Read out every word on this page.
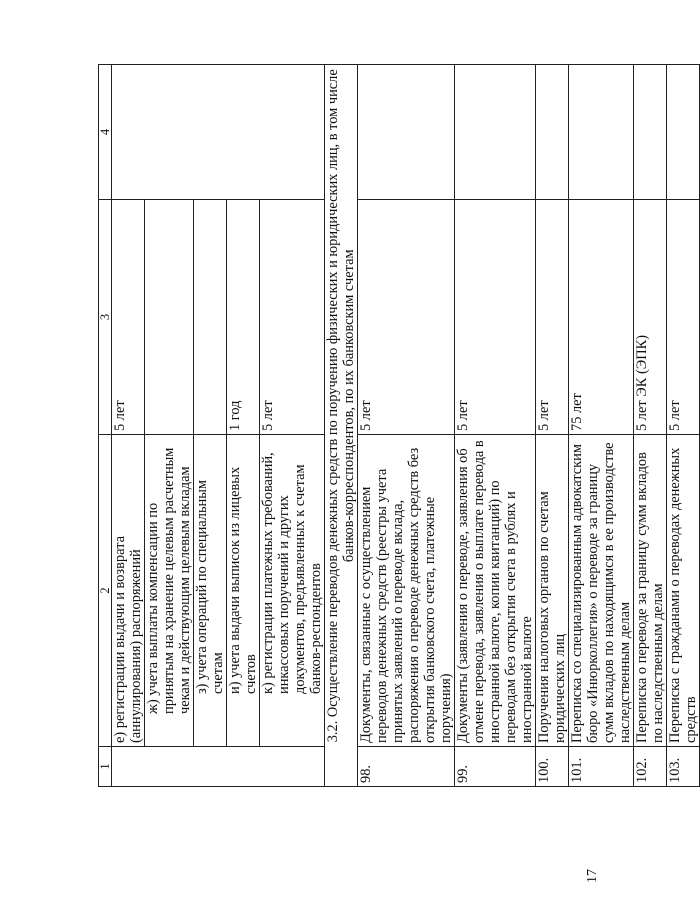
1	2	3	4
	е) регистрации выдачи и возврата (аннулирования) распоряжений	5 лет	
	ж) учета выплаты компенсации по принятым на хранение целевым расчетным чекам и действующим целевым вкладам		
	з) учета операций по специальным счетам		
	и) учета выдачи выписок из лицевых счетов	1 год	
	к) регистрации платежных требований, инкассовых поручений и других документов, предъявленных к счетам банков-респондентов	5 лет	
	3.2. Осуществление переводов денежных средств по поручению физических и юридических лиц, в том числе банков-корреспондентов, по их банковским счетам		
98.	Документы, связанные с осуществлением переводов денежных средств (реестры учета принятых заявлений о переводе вклада, распоряжения о переводе денежных средств без открытия банковского счета, платежные поручения)	5 лет	
99.	Документы (заявления о переводе, заявления об отмене перевода, заявления о выплате перевода в иностранной валюте, копии квитанций) по переводам без открытия счета в рублях и иностранной валюте	5 лет	
100.	Поручения налоговых органов по счетам юридических лиц	5 лет	
101.	Переписка со специализированным адвокатским бюро «Инюрколлегия» о переводе за границу сумм вкладов по находящимся в ее производстве наследственным делам	75 лет	
102.	Переписка о переводе за границу сумм вкладов по наследственным делам	5 лет ЭК (ЭПК)	
103.	Переписка с гражданами о переводах денежных средств	5 лет	
17
